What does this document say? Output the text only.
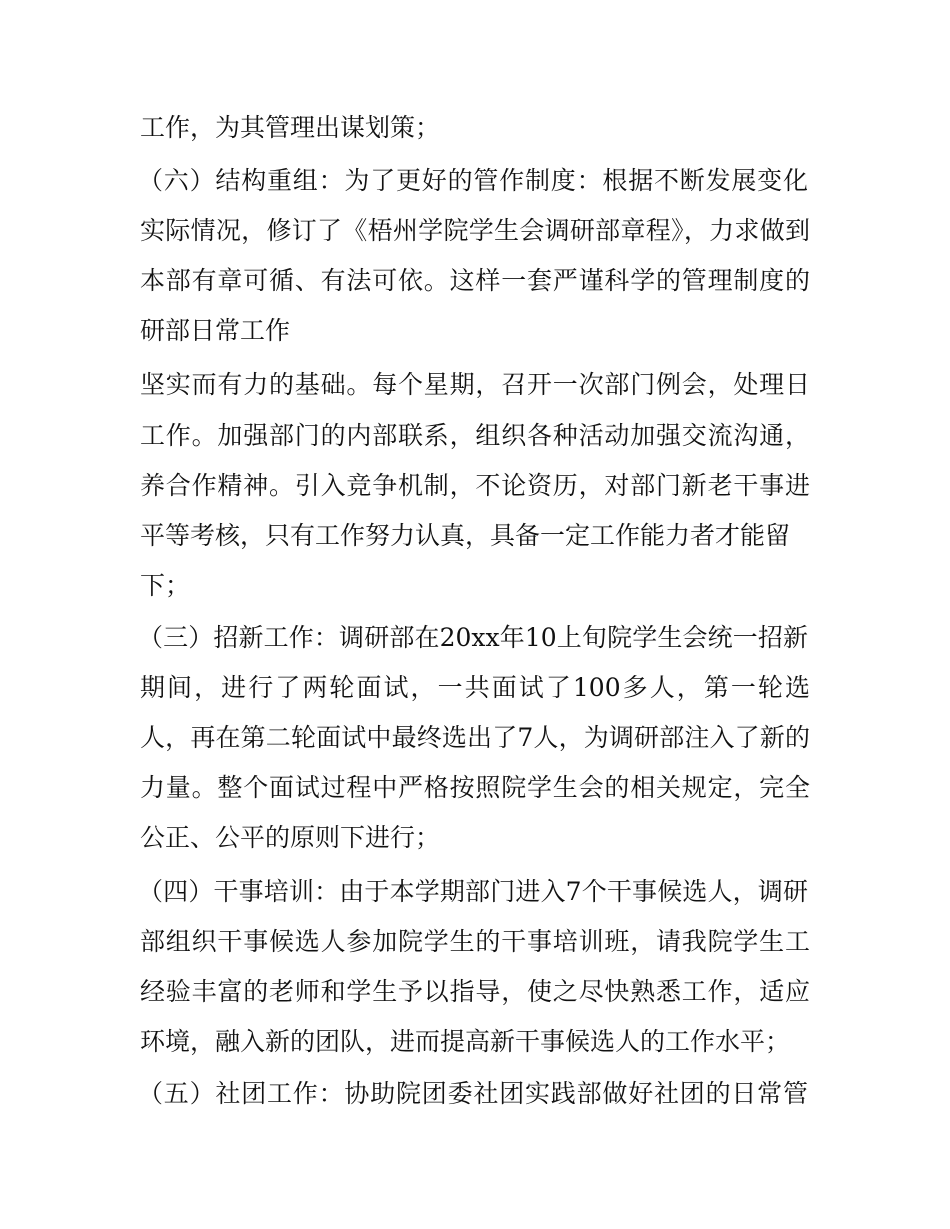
工作，为其管理出谋划策；
（六）结构重组：为了更好的管作制度：根据不断发展变化
实际情况，修订了《梧州学院学生会调研部章程》，力求做到
本部有章可循、有法可依。这样一套严谨科学的管理制度的
研部日常工作
坚实而有力的基础。每个星期，召开一次部门例会，处理日
工作。加强部门的内部联系，组织各种活动加强交流沟通，
养合作精神。引入竞争机制，不论资历，对部门新老干事进
平等考核，只有工作努力认真，具备一定工作能力者才能留
下；
（三）招新工作：调研部在20xx年10上旬院学生会统一招新
期间，进行了两轮面试，一共面试了100多人，第一轮选
人，再在第二轮面试中最终选出了7人，为调研部注入了新的
力量。整个面试过程中严格按照院学生会的相关规定，完全
公正、公平的原则下进行；
（四）干事培训：由于本学期部门进入7个干事候选人，调研
部组织干事候选人参加院学生的干事培训班，请我院学生工
经验丰富的老师和学生予以指导，使之尽快熟悉工作，适应
环境，融入新的团队，进而提高新干事候选人的工作水平；
（五）社团工作：协助院团委社团实践部做好社团的日常管
